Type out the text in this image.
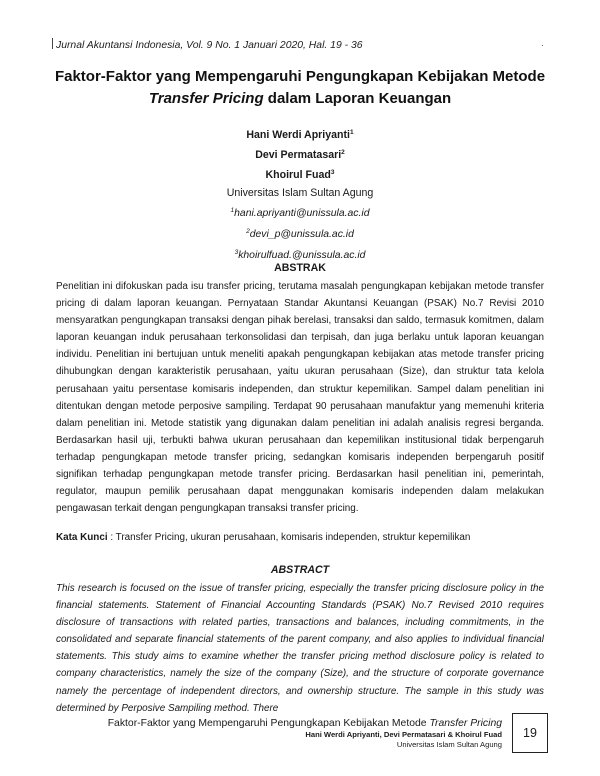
Jurnal Akuntansi Indonesia, Vol. 9 No. 1 Januari 2020, Hal. 19 - 36	.
Faktor-Faktor yang Mempengaruhi Pengungkapan Kebijakan Metode
Transfer Pricing dalam Laporan Keuangan
Hani Werdi Apriyanti$^1$
Devi Permatasari$^2$
Khoirul Fuad$^3$
Universitas Islam Sultan Agung
$^1$hani.apriyanti@unissula.ac.id
$^2$devi_p@unissula.ac.id
$^3$khoirulfuad.@unissula.ac.id
ABSTRAK

Penelitian ini difokuskan pada isu transfer pricing, terutama masalah pengungkapan kebijakan metode transfer pricing di dalam laporan keuangan. Pernyataan Standar Akuntansi Keuangan (PSAK) No.7 Revisi 2010 mensyaratkan pengungkapan transaksi dengan pihak berelasi, transaksi dan saldo, termasuk komitmen, dalam laporan keuangan induk perusahaan terkonsolidasi dan terpisah, dan juga berlaku untuk laporan keuangan individu. Penelitian ini bertujuan untuk meneliti apakah pengungkapan kebijakan atas metode transfer pricing dihubungkan dengan karakteristik perusahaan, yaitu ukuran perusahaan (Size), dan struktur tata kelola perusahaan yaitu persentase komisaris independen, dan struktur kepemilikan. Sampel dalam penelitian ini ditentukan dengan metode perposive sampiling. Terdapat 90 perusahaan manufaktur yang memenuhi kriteria dalam penelitian ini. Metode statistik yang digunakan dalam penelitian ini adalah analisis regresi berganda. Berdasarkan hasil uji, terbukti bahwa ukuran perusahaan dan kepemilikan institusional tidak berpengaruh terhadap pengungkapan metode transfer pricing, sedangkan komisaris independen berpengaruh positif signifikan terhadap pengungkapan metode transfer pricing. Berdasarkan hasil penelitian ini, pemerintah, regulator, maupun pemilik perusahaan dapat menggunakan komisaris independen dalam melakukan pengawasan terkait dengan pengungkapan transaksi transfer pricing.

Kata Kunci : Transfer Pricing, ukuran perusahaan, komisaris independen, struktur kepemilikan
ABSTRACT

This research is focused on the issue of transfer pricing, especially the transfer pricing disclosure policy in the financial statements. Statement of Financial Accounting Standards (PSAK) No.7 Revised 2010 requires disclosure of transactions with related parties, transactions and balances, including commitments, in the consolidated and separate financial statements of the parent company, and also applies to individual financial statements. This study aims to examine whether the transfer pricing method disclosure policy is related to company characteristics, namely the size of the company (Size), and the structure of corporate governance namely the percentage of independent directors, and ownership structure. The sample in this study was determined by Perposive Sampiling method. There

Faktor-Faktor yang Mempengaruhi Pengungkapan Kebijakan Metode Transfer Pricing
Hani Werdi Apriyanti, Devi Permatasari & Khoirul Fuad
Universitas Islam Sultan Agung
19
